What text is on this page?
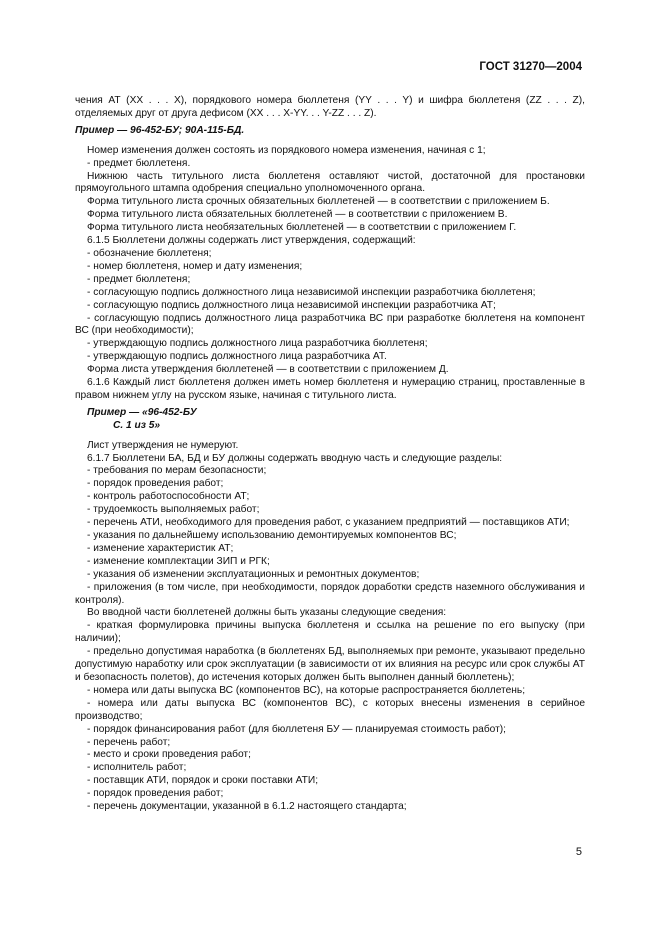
ГОСТ 31270—2004

чения АТ (XX . . . X), порядкового номера бюллетеня (YY . . . Y) и шифра бюллетеня (ZZ . . . Z), отделяемых друг от друга дефисом (XX . . . X-YY. . . Y-ZZ . . . Z).

Пример — 96-452-БУ; 90А-115-БД.

Номер изменения должен состоять из порядкового номера изменения, начиная с 1;

- предмет бюллетеня.

Нижнюю часть титульного листа бюллетеня оставляют чистой, достаточной для простановки прямоугольного штампа одобрения специально уполномоченного органа.

Форма титульного листа срочных обязательных бюллетеней — в соответствии с приложением Б.

Форма титульного листа обязательных бюллетеней — в соответствии с приложением В.

Форма титульного листа необязательных бюллетеней — в соответствии с приложением Г.

6.1.5 Бюллетени должны содержать лист утверждения, содержащий:

- обозначение бюллетеня;

- номер бюллетеня, номер и дату изменения;

- предмет бюллетеня;

- согласующую подпись должностного лица независимой инспекции разработчика бюллетеня;

- согласующую подпись должностного лица независимой инспекции разработчика АТ;

- согласующую подпись должностного лица разработчика ВС при разработке бюллетеня на компонент ВС (при необходимости);

- утверждающую подпись должностного лица разработчика бюллетеня;

- утверждающую подпись должностного лица разработчика АТ.

Форма листа утверждения бюллетеней — в соответствии с приложением Д.

6.1.6 Каждый лист бюллетеня должен иметь номер бюллетеня и нумерацию страниц, проставленные в правом нижнем углу на русском языке, начиная с титульного листа.

Пример — «96-452-БУ

С. 1 из 5»

Лист утверждения не нумеруют.

6.1.7 Бюллетени БА, БД и БУ должны содержать вводную часть и следующие разделы:

- требования по мерам безопасности;

- порядок проведения работ;

- контроль работоспособности АТ;

- трудоемкость выполняемых работ;

- перечень АТИ, необходимого для проведения работ, с указанием предприятий — поставщиков АТИ;

- указания по дальнейшему использованию демонтируемых компонентов ВС;

- изменение характеристик АТ;

- изменение комплектации ЗИП и РГК;

- указания об изменении эксплуатационных и ремонтных документов;

- приложения (в том числе, при необходимости, порядок доработки средств наземного обслуживания и контроля).

Во вводной части бюллетеней должны быть указаны следующие сведения:

- краткая формулировка причины выпуска бюллетеня и ссылка на решение по его выпуску (при наличии);

- предельно допустимая наработка (в бюллетенях БД, выполняемых при ремонте, указывают предельно допустимую наработку или срок эксплуатации (в зависимости от их влияния на ресурс или срок службы АТ и безопасность полетов), до истечения которых должен быть выполнен данный бюллетень);

- номера или даты выпуска ВС (компонентов ВС), на которые распространяется бюллетень;

- номера или даты выпуска ВС (компонентов ВС), с которых внесены изменения в серийное производство;

- порядок финансирования работ (для бюллетеня БУ — планируемая стоимость работ);

- перечень работ;

- место и сроки проведения работ;

- исполнитель работ;

- поставщик АТИ, порядок и сроки поставки АТИ;

- порядок проведения работ;

- перечень документации, указанной в 6.1.2 настоящего стандарта;

5
